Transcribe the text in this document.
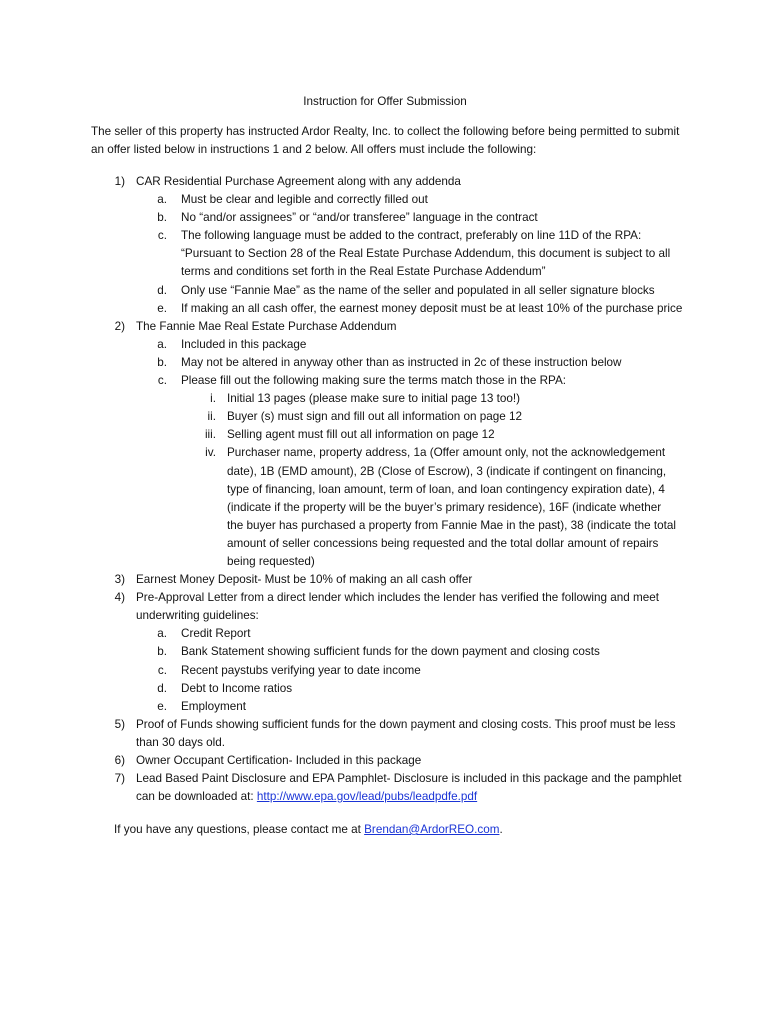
Instruction for Offer Submission
The seller of this property has instructed Ardor Realty, Inc. to collect the following before being permitted to submit an offer listed below in instructions 1 and 2 below. All offers must include the following:
1) CAR Residential Purchase Agreement along with any addenda
a. Must be clear and legible and correctly filled out
b. No “and/or assignees” or “and/or transferee” language in the contract
c. The following language must be added to the contract, preferably on line 11D of the RPA:
“Pursuant to Section 28 of the Real Estate Purchase Addendum, this document is subject to all
terms and conditions set forth in the Real Estate Purchase Addendum”
d. Only use “Fannie Mae” as the name of the seller and populated in all seller signature blocks
e. If making an all cash offer, the earnest money deposit must be at least 10% of the purchase price
2) The Fannie Mae Real Estate Purchase Addendum
a. Included in this package
b. May not be altered in anyway other than as instructed in 2c of these instruction below
c. Please fill out the following making sure the terms match those in the RPA:
i. Initial 13 pages (please make sure to initial page 13 too!)
ii. Buyer (s) must sign and fill out all information on page 12
iii. Selling agent must fill out all information on page 12
iv. Purchaser name, property address, 1a (Offer amount only, not the acknowledgement
date), 1B (EMD amount), 2B (Close of Escrow), 3 (indicate if contingent on financing,
type of financing, loan amount, term of loan, and loan contingency expiration date), 4
(indicate if the property will be the buyer’s primary residence), 16F (indicate whether
the buyer has purchased a property from Fannie Mae in the past), 38 (indicate the total
amount of seller concessions being requested and the total dollar amount of repairs
being requested)
3) Earnest Money Deposit- Must be 10% of making an all cash offer
4) Pre-Approval Letter from a direct lender which includes the lender has verified the following and meet
underwriting guidelines:
a. Credit Report
b. Bank Statement showing sufficient funds for the down payment and closing costs
c. Recent paystubs verifying year to date income
d. Debt to Income ratios
e. Employment
5) Proof of Funds showing sufficient funds for the down payment and closing costs. This proof must be less
than 30 days old.
6) Owner Occupant Certification- Included in this package
7) Lead Based Paint Disclosure and EPA Pamphlet- Disclosure is included in this package and the pamphlet
can be downloaded at: http://www.epa.gov/lead/pubs/leadpdfe.pdf
If you have any questions, please contact me at Brendan@ArdorREO.com.
